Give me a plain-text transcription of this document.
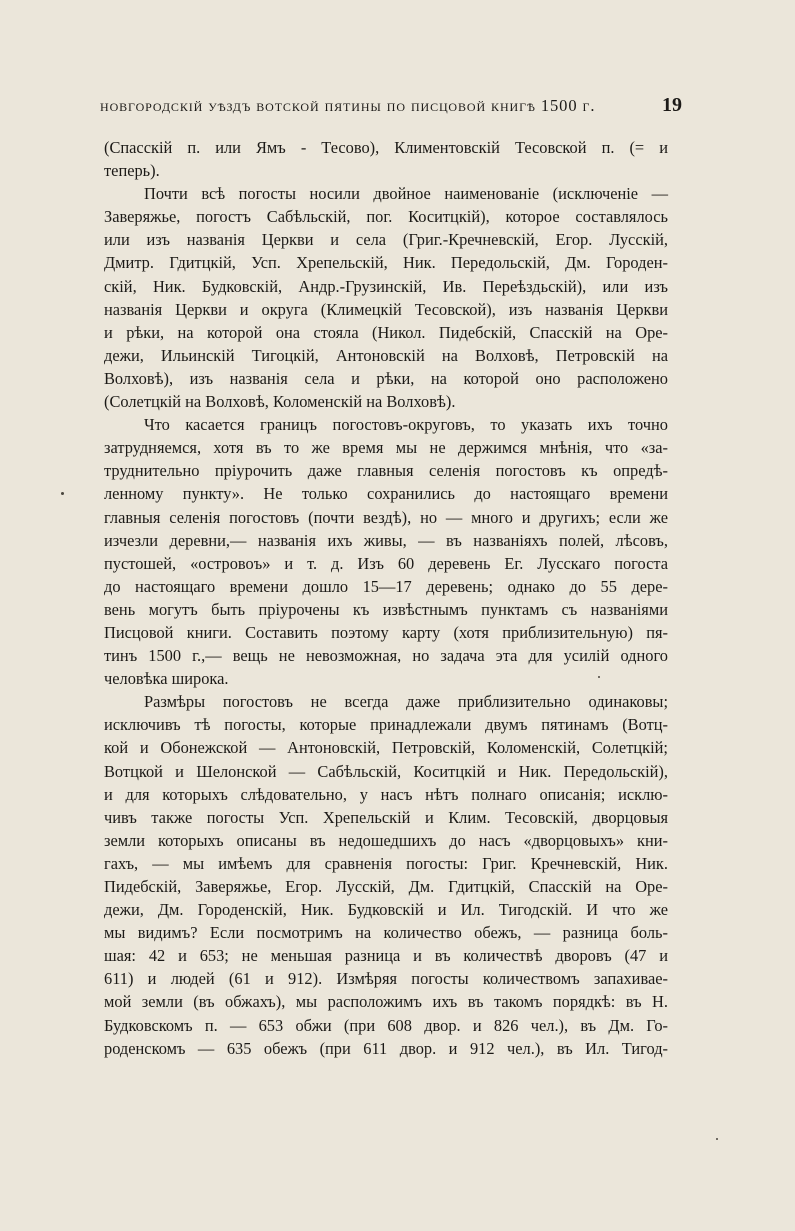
новгородскій уѣздъ вотской пятины по писцовой книгѣ 1500 г.	19
(Спасскій п. или Ямъ - Тесово), Климентовскій Тесовской п. (= и
теперь).
Почти всѣ погосты носили двойное наименованіе (исключеніе —
Заверяжье, погостъ Сабѣльскій, пог. Коситцкій), которое составлялось
или изъ названія Церкви и села (Григ.-Кречневскій, Егор. Лусскій,
Дмитр. Гдитцкій, Усп. Хрепельскій, Ник. Передольскій, Дм. Городен-
скій, Ник. Будковскій, Андр.-Грузинскій, Ив. Переѣздьскій), или изъ
названія Церкви и округа (Климецкій Тесовской), изъ названія Церкви
и рѣки, на которой она стояла (Никол. Пидебскій, Спасскій на Оре-
дежи, Ильинскій Тигоцкій, Антоновскій на Волховѣ, Петровскій на
Волховѣ), изъ названія села и рѣки, на которой оно расположено
(Солетцкій на Волховѣ, Коломенскій на Волховѣ).
Что касается границъ погостовъ-округовъ, то указать ихъ точно
затрудняемся, хотя въ то же время мы не держимся мнѣнія, что «за-
труднительно пріурочить даже главныя селенія погостовъ къ опредѣ-
ленному пункту». Не только сохранились до настоящаго времени
главныя селенія погостовъ (почти вездѣ), но — много и другихъ; если же
изчезли деревни,— названія ихъ живы, — въ названіяхъ полей, лѣсовъ,
пустошей, «островоъ» и т. д. Изъ 60 деревень Ег. Лусскаго погоста
до настоящаго времени дошло 15—17 деревень; однако до 55 дере-
вень могутъ быть пріурочены къ извѣстнымъ пунктамъ съ названіями
Писцовой книги. Составить поэтому карту (хотя приблизительную) пя-
тинъ 1500 г.,— вещь не невозможная, но задача эта для усилій одного
человѣка широка.
Размѣры погостовъ не всегда даже приблизительно одинаковы;
исключивъ тѣ погосты, которые принадлежали двумъ пятинамъ (Вотц-
кой и Обонежской — Антоновскій, Петровскій, Коломенскій, Солетцкій;
Вотцкой и Шелонской — Сабѣльскій, Коситцкій и Ник. Передольскій),
и для которыхъ слѣдовательно, у насъ нѣтъ полнаго описанія; исклю-
чивъ также погосты Усп. Хрепельскій и Клим. Тесовскій, дворцовыя
земли которыхъ описаны въ недошедшихъ до насъ «дворцовыхъ» кни-
гахъ, — мы имѣемъ для сравненія погосты: Григ. Кречневскій, Ник.
Пидебскій, Заверяжье, Егор. Лусскій, Дм. Гдитцкій, Спасскій на Оре-
дежи, Дм. Городенскій, Ник. Будковскій и Ил. Тигодскій. И что же
мы видимъ? Если посмотримъ на количество обежъ, — разница боль-
шая: 42 и 653; не меньшая разница и въ количествѣ дворовъ (47 и
611) и людей (61 и 912). Измѣряя погосты количествомъ запахивае-
мой земли (въ обжахъ), мы расположимъ ихъ въ такомъ порядкѣ: въ Н.
Будковскомъ п. — 653 обжи (при 608 двор. и 826 чел.), въ Дм. Го-
роденскомъ — 635 обежъ (при 611 двор. и 912 чел.), въ Ил. Тигод-
